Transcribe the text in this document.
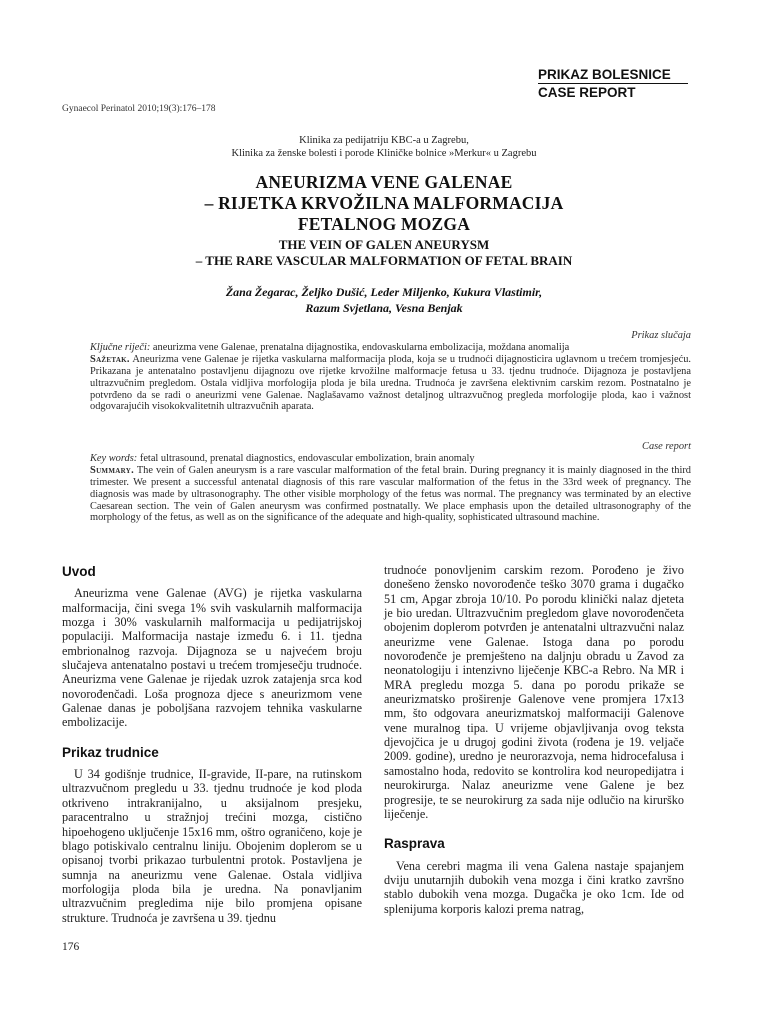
PRIKAZ BOLESNICE
CASE REPORT
Gynaecol Perinatol 2010;19(3):176–178
Klinika za pedijatriju KBC-a u Zagrebu,
Klinika za ženske bolesti i porode Kliničke bolnice »Merkur« u Zagrebu
ANEURIZMA VENE GALENAE
– RIJETKA KRVOŽILNA MALFORMACIJA
FETALNOG MOZGA
THE VEIN OF GALEN ANEURYSM
– THE RARE VASCULAR MALFORMATION OF FETAL BRAIN
Žana Žegarac, Željko Dušić, Leder Miljenko, Kukura Vlastimir,
Razum Svjetlana, Vesna Benjak

Prikaz slučaja

Ključne riječi: aneurizma vene Galenae, prenatalna dijagnostika, endovaskularna embolizacija, moždana anomalija

Sažetak. Aneurizma vene Galenae je rijetka vaskularna malformacija ploda, koja se u trudnoći dijagnosticira uglavnom u trećem tromjesjeću. Prikazana je antenatalno postavljenu dijagnozu ove rijetke krvožilne malformacje fetusa u 33. tjednu trudnoće. Dijagnoza je postavljena ultrazvučnim pregledom. Ostala vidljiva morfologija ploda je bila uredna. Trudnoća je završena elektivnim carskim rezom. Postnatalno je potvrđeno da se radi o aneurizmi vene Galenae. Naglašavamo važnost detaljnog ultrazvučnog pregleda morfologije ploda, kao i važnost odgovarajućih visokokvalitetnih ultrazvučnih aparata.

Case report

Key words: fetal ultrasound, prenatal diagnostics, endovascular embolization, brain anomaly

Summary. The vein of Galen aneurysm is a rare vascular malformation of the fetal brain. During pregnancy it is mainly diagnosed in the third trimester. We present a successful antenatal diagnosis of this rare vascular malformation of the fetus in the 33rd week of pregnancy. The diagnosis was made by ultrasonography. The other visible morphology of the fetus was normal. The pregnancy was terminated by an elective Caesarean section. The vein of Galen aneurysm was confirmed postnatally. We place emphasis upon the detailed ultrasonography of the morphology of the fetus, as well as on the significance of the adequate and high-quality, sophisticated ultrasound machine.

Uvod

Aneurizma vene Galenae (AVG) je rijetka vaskularna malformacija, čini svega 1% svih vaskularnih malformacija mozga i 30% vaskularnih malformacija u pedijatrijskoj populaciji. Malformacija nastaje između 6. i 11. tjedna embrionalnog razvoja. Dijagnoza se u najvećem broju slučajeva antenatalno postavi u trećem tromjesečju trudnoće. Aneurizma vene Galenae je rijedak uzrok zatajenja srca kod novorođenčadi. Loša prognoza djece s aneurizmom vene Galenae danas je poboljšana razvojem tehnika vaskularne embolizacije.

Prikaz trudnice

U 34 godišnje trudnice, II-gravide, II-pare, na rutinskom ultrazvučnom pregledu u 33. tjednu trudnoće je kod ploda otkriveno intrakranijalno, u aksijalnom presjeku, paracentralno u stražnjoj trećini mozga, cistično hipoehogeno uključenje 15x16 mm, oštro ograničeno, koje je blago potiskivalo centralnu liniju. Obojenim doplerom se u opisanoj tvorbi prikazao turbulentni protok. Postavljena je sumnja na aneurizmu vene Galenae. Ostala vidljiva morfologija ploda bila je uredna. Na ponavljanim ultrazvučnim pregledima nije bilo promjena opisane strukture. Trudnoća je završena u 39. tjednu

trudnoće ponovljenim carskim rezom. Porođeno je živo donešeno žensko novorođenče teško 3070 grama i dugačko 51 cm, Apgar zbroja 10/10. Po porodu klinički nalaz djeteta je bio uredan. Ultrazvučnim pregledom glave novorođenčeta obojenim doplerom potvrđen je antenatalni ultrazvučni nalaz aneurizme vene Galenae. Istoga dana po porodu novorođenče je premješteno na daljnju obradu u Zavod za neonatologiju i intenzivno liječenje KBC-a Rebro. Na MR i MRA pregledu mozga 5. dana po porodu prikaže se aneurizmatsko proširenje Galenove vene promjera 17x13 mm, što odgovara aneurizmatskoj malformaciji Galenove vene muralnog tipa. U vrijeme objavljivanja ovog teksta djevojčica je u drugoj godini života (rođena je 19. veljače 2009. godine), uredno je neurorazvoja, nema hidrocefalusa i samostalno hoda, redovito se kontrolira kod neuropedijatra i neurokirurga. Nalaz aneurizme vene Galene je bez progresije, te se neurokirurg za sada nije odlučio na kirurško liječenje.

Rasprava

Vena cerebri magma ili vena Galena nastaje spajanjem dviju unutarnjih dubokih vena mozga i čini kratko završno stablo dubokih vena mozga. Dugačka je oko 1cm. Ide od splenijuma korporis kalozi prema natrag,

176
